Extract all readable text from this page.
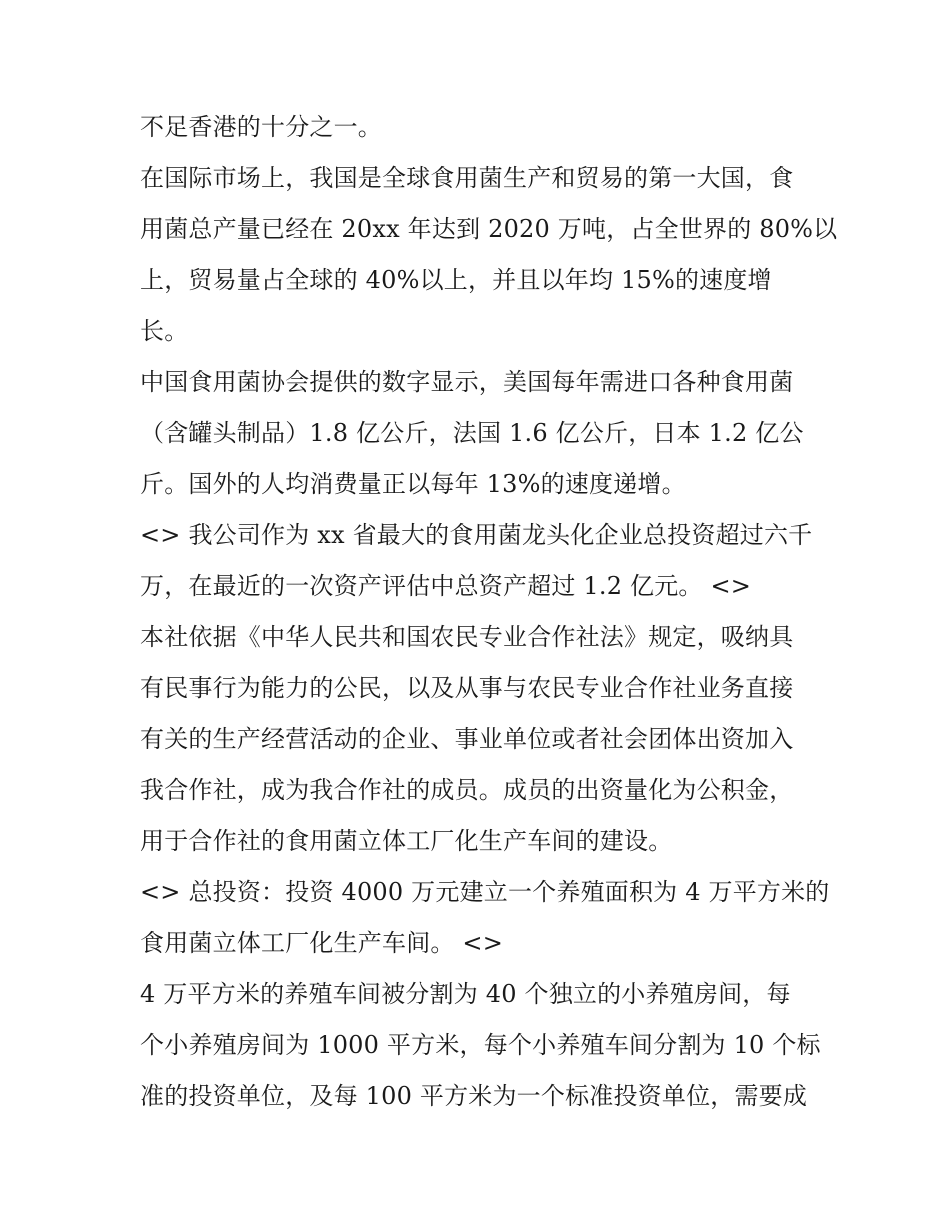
不足香港的十分之一。
在国际市场上，我国是全球食用菌生产和贸易的第一大国，食
用菌总产量已经在 20xx 年达到 2020 万吨，占全世界的 80%以
上，贸易量占全球的 40%以上，并且以年均 15%的速度增
长。
中国食用菌协会提供的数字显示，美国每年需进口各种食用菌
（含罐头制品）1.8 亿公斤，法国 1.6 亿公斤，日本 1.2 亿公
斤。国外的人均消费量正以每年 13%的速度递增。
<> 我公司作为 xx 省最大的食用菌龙头化企业总投资超过六千
万，在最近的一次资产评估中总资产超过 1.2 亿元。 <>
本社依据《中华人民共和国农民专业合作社法》规定，吸纳具
有民事行为能力的公民，以及从事与农民专业合作社业务直接
有关的生产经营活动的企业、事业单位或者社会团体出资加入
我合作社，成为我合作社的成员。成员的出资量化为公积金，
用于合作社的食用菌立体工厂化生产车间的建设。
<> 总投资：投资 4000 万元建立一个养殖面积为 4 万平方米的
食用菌立体工厂化生产车间。 <>
4 万平方米的养殖车间被分割为 40 个独立的小养殖房间，每
个小养殖房间为 1000 平方米，每个小养殖车间分割为 10 个标
准的投资单位，及每 100 平方米为一个标准投资单位，需要成
